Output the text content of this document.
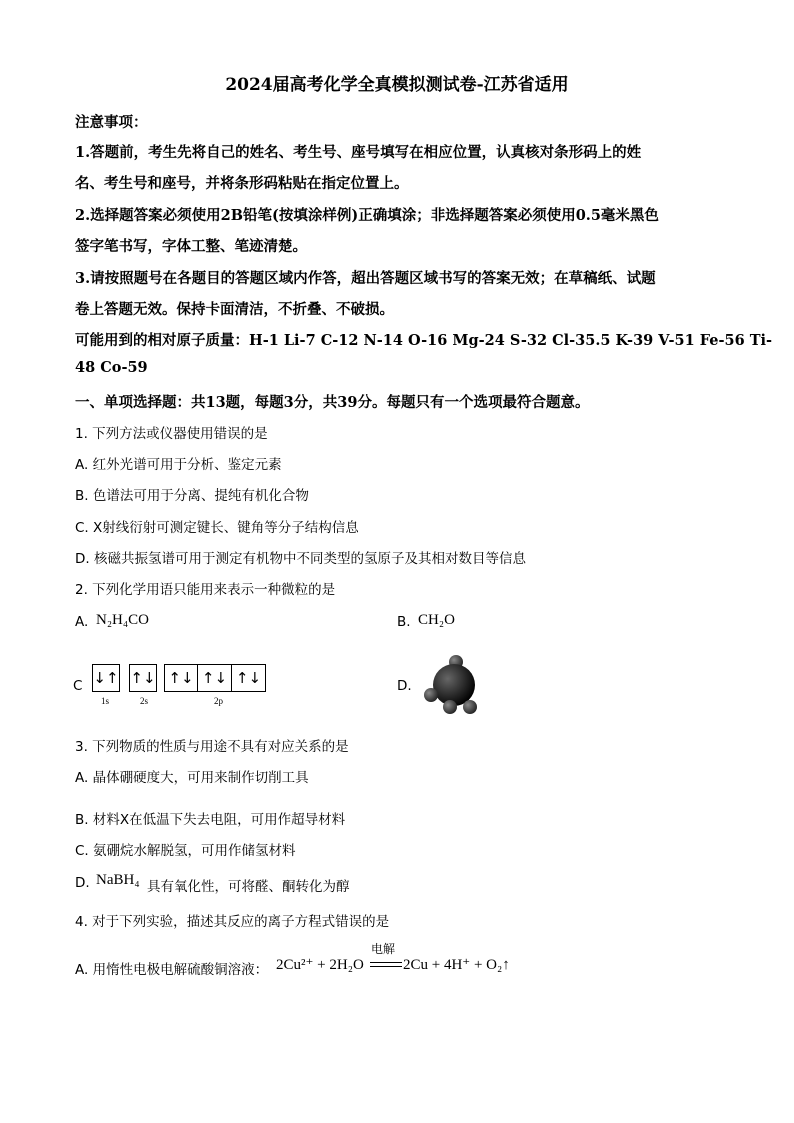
2024届高考化学全真模拟测试卷-江苏省适用
注意事项：
1.答题前，考生先将自己的姓名、考生号、座号填写在相应位置，认真核对条形码上的姓
名、考生号和座号，并将条形码粘贴在指定位置上。
2.选择题答案必须使用2B铅笔(按填涂样例)正确填涂；非选择题答案必须使用0.5毫米黑色
签字笔书写，字体工整、笔迹清楚。
3.请按照题号在各题目的答题区域内作答，超出答题区域书写的答案无效；在草稿纸、试题
卷上答题无效。保持卡面清洁，不折叠、不破损。
可能用到的相对原子质量：H-1 Li-7 C-12 N-14 O-16 Mg-24 S-32 Cl-35.5 K-39 V-51 Fe-56 Ti-
48 Co-59
一、单项选择题：共13题，每题3分，共39分。每题只有一个选项最符合题意。
1. 下列方法或仪器使用错误的是
A. 红外光谱可用于分析、鉴定元素
B. 色谱法可用于分离、提纯有机化合物
C. X射线衍射可测定键长、键角等分子结构信息
D. 核磁共振氢谱可用于测定有机物中不同类型的氢原子及其相对数目等信息
2. 下列化学用语只能用来表示一种微粒的是
A. N₂H₄CO	B. CH₂O
C ↓↑ ↑↓ ↑↓ ↑↓ ↑↓
1s	2s	2p
D.
3. 下列物质的性质与用途不具有对应关系的是
A. 晶体硼硬度大，可用来制作切削工具
B. 材料X在低温下失去电阻，可用作超导材料
C. 氨硼烷水解脱氢，可用作储氢材料
D. NaBH₄ 具有氧化性，可将醛、酮转化为醇
4. 对于下列实验，描述其反应的离子方程式错误的是
A. 用惰性电极电解硫酸铜溶液： 2Cu²⁺ + 2H₂O
电解
2Cu + 4H⁺ + O₂↑
